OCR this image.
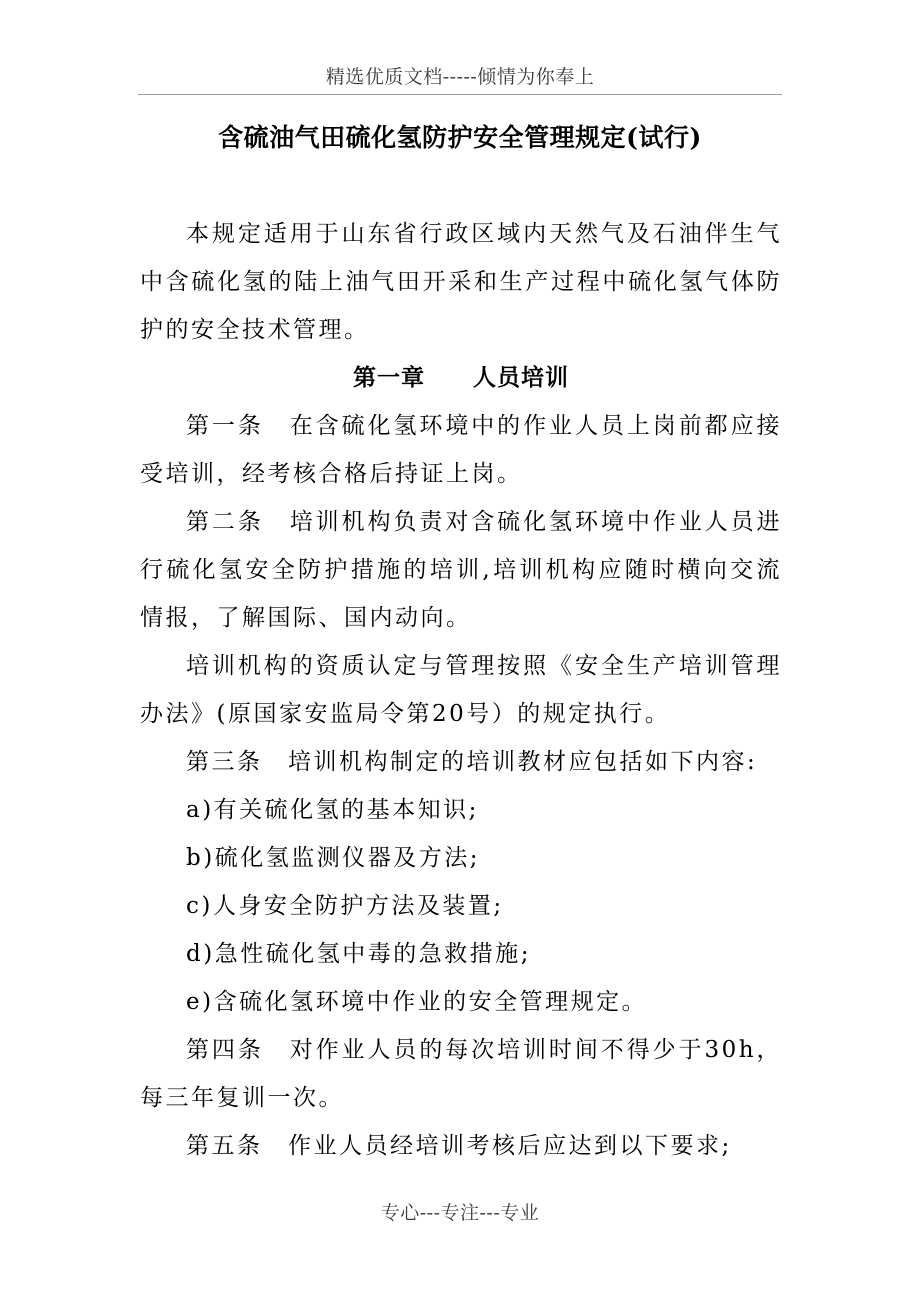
精选优质文档-----倾情为你奉上
含硫油气田硫化氢防护安全管理规定(试行)

本规定适用于山东省行政区域内天然气及石油伴生气中含硫化氢的陆上油气田开采和生产过程中硫化氢气体防护的安全技术管理。

第一章　　人员培训

第一条　在含硫化氢环境中的作业人员上岗前都应接受培训，经考核合格后持证上岗。

第二条　培训机构负责对含硫化氢环境中作业人员进行硫化氢安全防护措施的培训,培训机构应随时横向交流情报，了解国际、国内动向。

培训机构的资质认定与管理按照《安全生产培训管理办法》(原国家安监局令第20号）的规定执行。

第三条　培训机构制定的培训教材应包括如下内容:

a)有关硫化氢的基本知识;

b)硫化氢监测仪器及方法;

c)人身安全防护方法及装置;

d)急性硫化氢中毒的急救措施;

e)含硫化氢环境中作业的安全管理规定。

第四条　对作业人员的每次培训时间不得少于30h，每三年复训一次。

第五条　作业人员经培训考核后应达到以下要求;

专心---专注---专业
